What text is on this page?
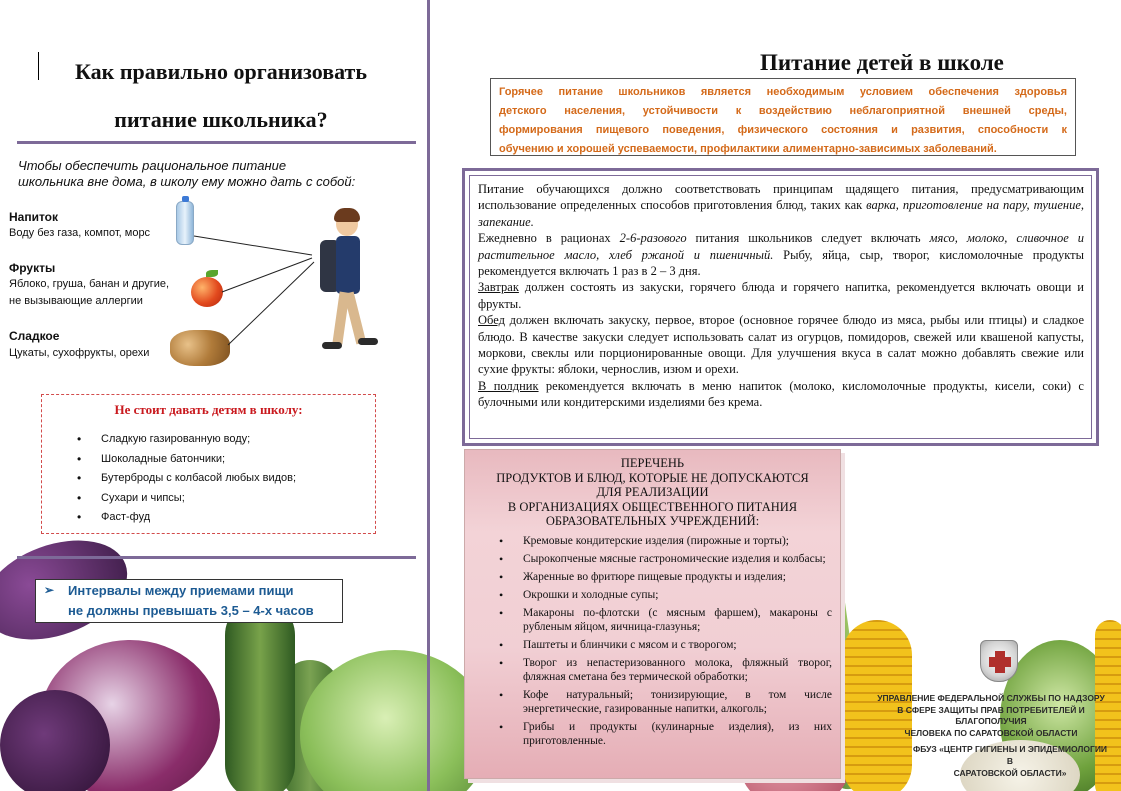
Как правильно организовать
питание школьника?
Чтобы обеспечить рациональное питание
школьника вне дома, в школу ему можно дать с собой:
Напиток
Воду без газа, компот, морс
Фрукты
Яблоко, груша, банан и другие,
не вызывающие аллергии
Сладкое
Цукаты, сухофрукты, орехи
Не стоит давать детям в школу:
• Сладкую газированную воду;
• Шоколадные батончики;
• Бутерброды с колбасой любых видов;
• Сухари и чипсы;
• Фаст-фуд
➢ Интервалы между приемами пищи
не должны превышать 3,5 – 4-х часов
Питание детей в школе
Горячее питание школьников является необходимым условием обеспечения здоровья
детского населения, устойчивости к воздействию неблагоприятной внешней среды,
формирования пищевого поведения, физического состояния и развития, способности к
обучению и хорошей успеваемости, профилактики алиментарно-зависимых заболеваний.

Питание обучающихся должно соответствовать принципам щадящего питания, предусматривающим использование определенных способов приготовления блюд, таких как варка, приготовление на пару, тушение, запекание.

Ежедневно в рационах 2-6-разового питания школьников следует включать мясо, молоко, сливочное и растительное масло, хлеб ржаной и пшеничный. Рыбу, яйца, сыр, творог, кисломолочные продукты рекомендуется включать 1 раз в 2 – 3 дня.

Завтрак должен состоять из закуски, горячего блюда и горячего напитка, рекомендуется включать овощи и фрукты.

Обед должен включать закуску, первое, второе (основное горячее блюдо из мяса, рыбы или птицы) и сладкое блюдо. В качестве закуски следует использовать салат из огурцов, помидоров, свежей или квашеной капусты, моркови, свеклы или порционированные овощи. Для улучшения вкуса в салат можно добавлять свежие или сухие фрукты: яблоки, чернослив, изюм и орехи.

В полдник рекомендуется включать в меню напиток (молоко, кисломолочные продукты, кисели, соки) с булочными или кондитерскими изделиями без крема.

ПЕРЕЧЕНЬ
ПРОДУКТОВ И БЛЮД, КОТОРЫЕ НЕ ДОПУСКАЮТСЯ
ДЛЯ РЕАЛИЗАЦИИ
В ОРГАНИЗАЦИЯХ ОБЩЕСТВЕННОГО ПИТАНИЯ
ОБРАЗОВАТЕЛЬНЫХ УЧРЕЖДЕНИЙ:
• Кремовые кондитерские изделия (пирожные и торты);
• Сырокопченые мясные гастрономические изделия и колбасы;
• Жаренные во фритюре пищевые продукты и изделия;
• Окрошки и холодные супы;
• Макароны по-флотски (с мясным фаршем), макароны с рубленым яйцом, яичница-глазунья;
• Паштеты и блинчики с мясом и с творогом;
• Творог из непастеризованного молока, фляжный творог, фляжная сметана без термической обработки;
• Кофе натуральный; тонизирующие, в том числе энергетические, газированные напитки, алкоголь;
• Грибы и продукты (кулинарные изделия), из них приготовленные.
УПРАВЛЕНИЕ ФЕДЕРАЛЬНОЙ СЛУЖБЫ ПО НАДЗОРУ
В СФЕРЕ ЗАЩИТЫ ПРАВ ПОТРЕБИТЕЛЕЙ И БЛАГОПОЛУЧИЯ
ЧЕЛОВЕКА ПО САРАТОВСКОЙ ОБЛАСТИ
ФБУЗ «ЦЕНТР ГИГИЕНЫ И ЭПИДЕМИОЛОГИИ В
САРАТОВСКОЙ ОБЛАСТИ»
